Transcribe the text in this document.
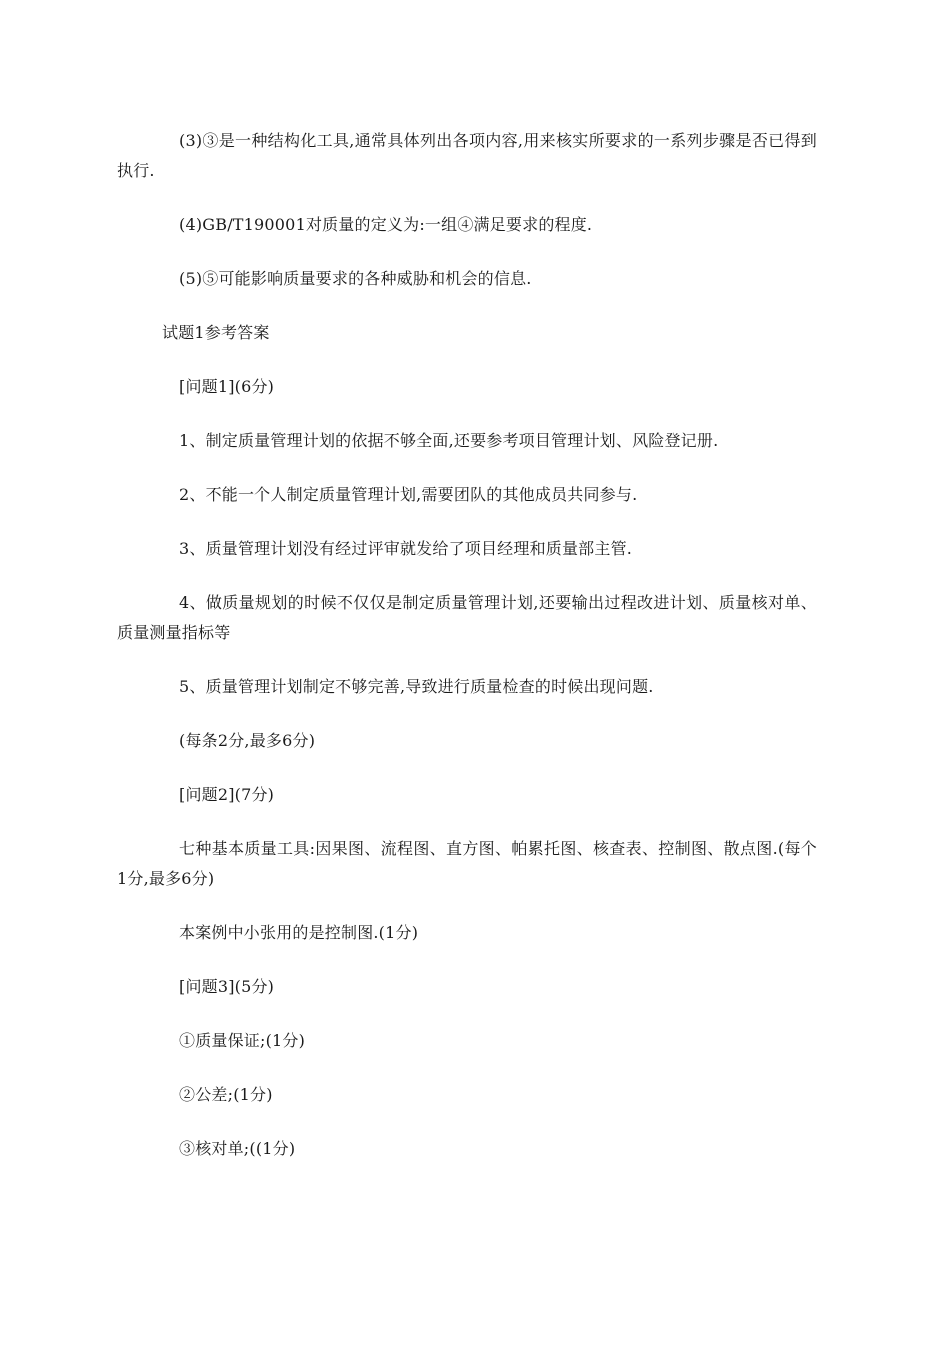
(3)③是一种结构化工具,通常具体列出各项内容,用来核实所要求的一系列步骤是否已得到执行.

(4)GB/T190001对质量的定义为:一组④满足要求的程度.

(5)⑤可能影响质量要求的各种威胁和机会的信息.

试题1参考答案

[问题1](6分)

1、制定质量管理计划的依据不够全面,还要参考项目管理计划、风险登记册.

2、不能一个人制定质量管理计划,需要团队的其他成员共同参与.

3、质量管理计划没有经过评审就发给了项目经理和质量部主管.

4、做质量规划的时候不仅仅是制定质量管理计划,还要输出过程改进计划、质量核对单、质量测量指标等

5、质量管理计划制定不够完善,导致进行质量检查的时候出现问题.

(每条2分,最多6分)

[问题2](7分)

七种基本质量工具:因果图、流程图、直方图、帕累托图、核查表、控制图、散点图.(每个1分,最多6分)

本案例中小张用的是控制图.(1分)

[问题3](5分)

①质量保证;(1分)

②公差;(1分)

③核对单;((1分)
